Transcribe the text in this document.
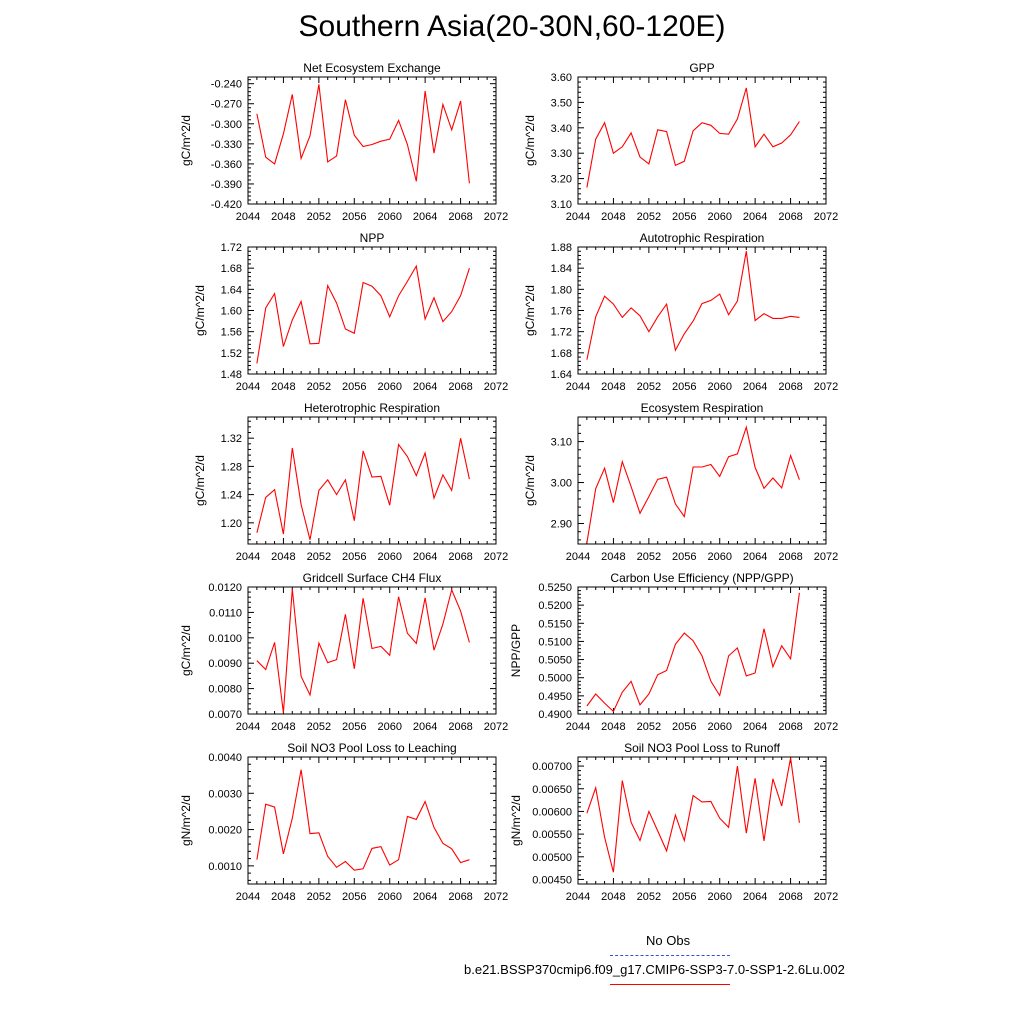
Southern Asia(20-30N,60-120E)
Net Ecosystem Exchange
2044 2048 2052 2056 2060 2064 2068 2072
-0.240
-0.270
-0.300
-0.330
-0.360
-0.390
-0.420
gC/m^2/d
GPP
2044 2048 2052 2056 2060 2064 2068 2072
3.10
3.20
3.30
3.40
3.50
3.60
gC/m^2/d
NPP
2044 2048 2052 2056 2060 2064 2068 2072
1.48
1.52
1.56
1.60
1.64
1.68
1.72
gC/m^2/d
Autotrophic Respiration
2044 2048 2052 2056 2060 2064 2068 2072
1.64
1.68
1.72
1.76
1.80
1.84
1.88
gC/m^2/d
Heterotrophic Respiration
2044 2048 2052 2056 2060 2064 2068 2072
1.20
1.24
1.28
1.32
gC/m^2/d
Ecosystem Respiration
2044 2048 2052 2056 2060 2064 2068 2072
2.90
3.00
3.10
gC/m^2/d
Gridcell Surface CH4 Flux
2044 2048 2052 2056 2060 2064 2068 2072
0.0070
0.0080
0.0090
0.0100
0.0110
0.0120
gC/m^2/d
Carbon Use Efficiency (NPP/GPP)
2044 2048 2052 2056 2060 2064 2068 2072
0.4900
0.4950
0.5000
0.5050
0.5100
0.5150
0.5200
0.5250
NPP/GPP
Soil NO3 Pool Loss to Leaching
2044 2048 2052 2056 2060 2064 2068 2072
0.0010
0.0020
0.0030
0.0040
gN/m^2/d
Soil NO3 Pool Loss to Runoff
2044 2048 2052 2056 2060 2064 2068 2072
0.00450
0.00500
0.00550
0.00600
0.00650
0.00700
gN/m^2/d
No Obs
b.e21.BSSP370cmip6.f09_g17.CMIP6-SSP3-7.0-SSP1-2.6Lu.002
